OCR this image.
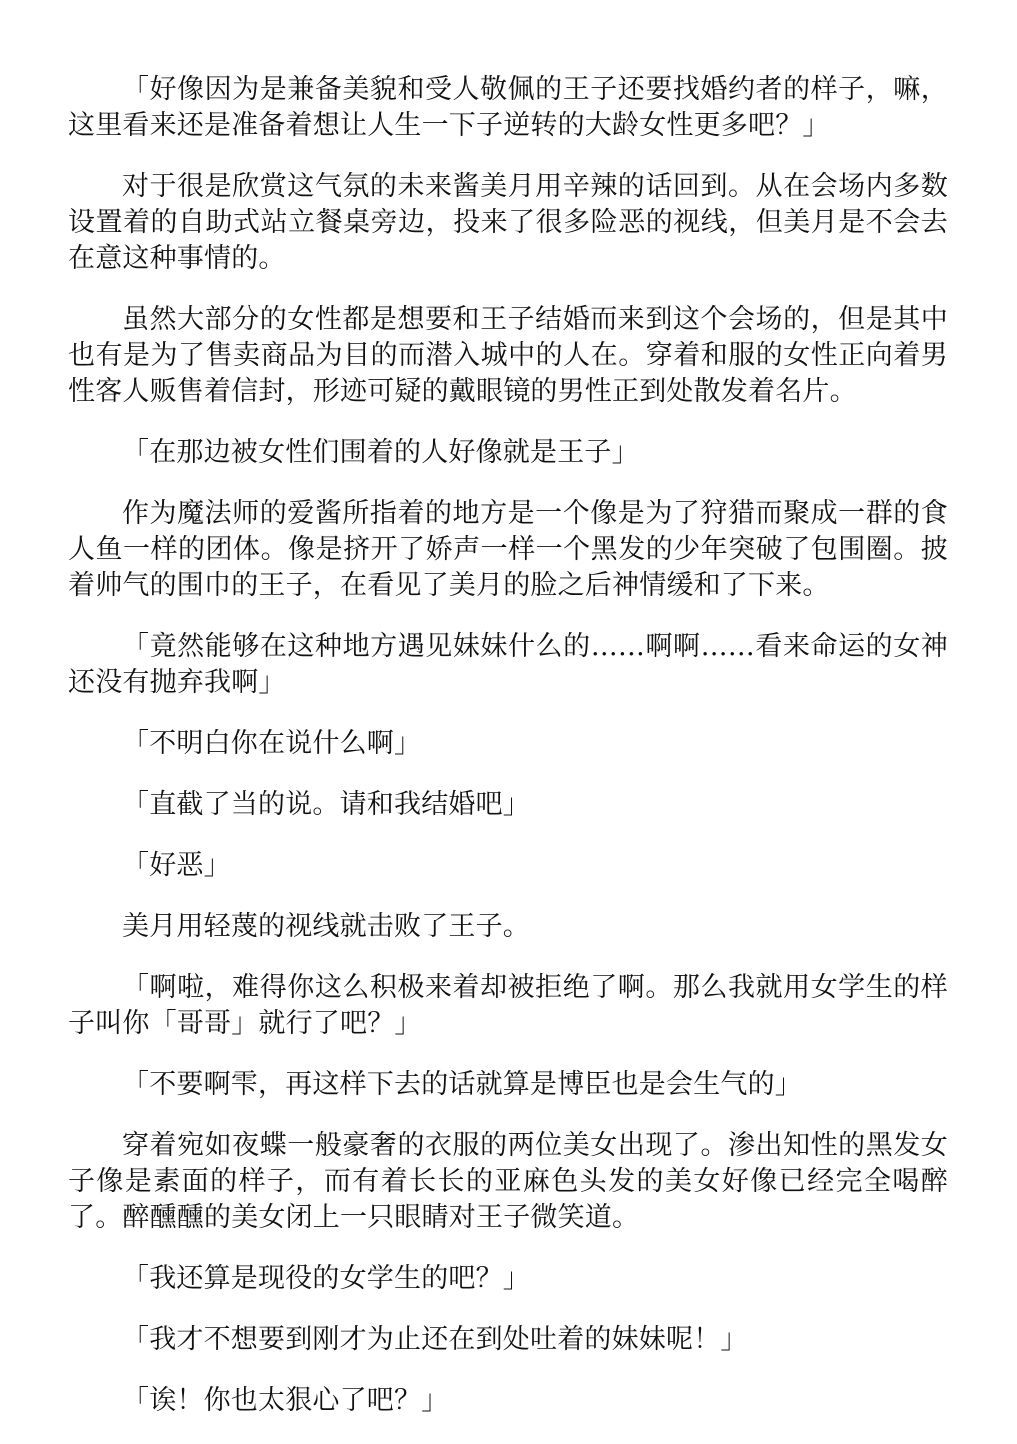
「好像因为是兼备美貌和受人敬佩的王子还要找婚约者的样子，嘛，这里看来还是准备着想让人生一下子逆转的大龄女性更多吧？」

对于很是欣赏这气氛的未来酱美月用辛辣的话回到。从在会场内多数设置着的自助式站立餐桌旁边，投来了很多险恶的视线，但美月是不会去在意这种事情的。

虽然大部分的女性都是想要和王子结婚而来到这个会场的，但是其中也有是为了售卖商品为目的而潜入城中的人在。穿着和服的女性正向着男性客人贩售着信封，形迹可疑的戴眼镜的男性正到处散发着名片。

「在那边被女性们围着的人好像就是王子」

作为魔法师的爱酱所指着的地方是一个像是为了狩猎而聚成一群的食人鱼一样的团体。像是挤开了娇声一样一个黑发的少年突破了包围圈。披着帅气的围巾的王子，在看见了美月的脸之后神情缓和了下来。

「竟然能够在这种地方遇见妹妹什么的……啊啊……看来命运的女神还没有抛弃我啊」

「不明白你在说什么啊」

「直截了当的说。请和我结婚吧」

「好恶」

美月用轻蔑的视线就击败了王子。

「啊啦，难得你这么积极来着却被拒绝了啊。那么我就用女学生的样子叫你「哥哥」就行了吧？」

「不要啊雫，再这样下去的话就算是博臣也是会生气的」

穿着宛如夜蝶一般豪奢的衣服的两位美女出现了。渗出知性的黑发女子像是素面的样子，而有着长长的亚麻色头发的美女好像已经完全喝醉了。醉醺醺的美女闭上一只眼睛对王子微笑道。

「我还算是现役的女学生的吧？」

「我才不想要到刚才为止还在到处吐着的妹妹呢！」

「诶！你也太狠心了吧？」
